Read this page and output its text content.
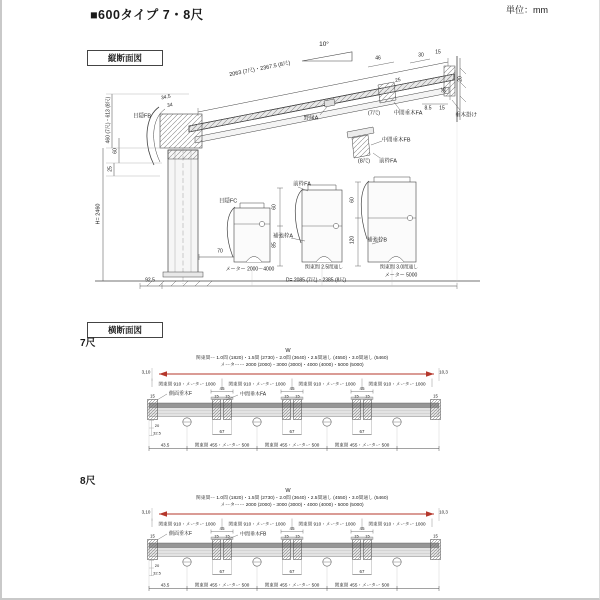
■600タイプ 7・8尺	単位：mm
縦断面図
横断面図
7尺
8尺
W
関東間ー 1.0間 (1820)・1.5間 (2730)・2.0間 (3640)・2.5間通し (4550)・3.0間通し (5460)
メーターー 2000 (2000)・3000 (3000)・4000 (4000)・5000 (5000)
3,10	10,3
関東間 910・メーター 1000	関東間 910・メーター 1000	関東間 910・メーター 1000	関東間 910・メーター 1000
15	15
15 15	15 15	15 15
45	45	45
側面垂木F	中間垂木FA
67	67	67
20
32.5
43.5	関東間 455・メーター 500	関東間 455・メーター 500	関東間 455・メーター 500
W
関東間ー 1.0間 (1820)・1.5間 (2730)・2.0間 (3640)・2.5間通し (4550)・3.0間通し (5460)
メーターー 2000 (2000)・3000 (3000)・4000 (4000)・5000 (5000)
3,10	10,3
関東間 910・メーター 1000	関東間 910・メーター 1000	関東間 910・メーター 1000	関東間 910・メーター 1000
15	15
15 15	15 15	15 15
45	45	45
側面垂木F	中間垂木FB
67	67	67
20
32.5
43.5	関東間 455・メーター 500	関東間 455・メーター 500	関東間 455・メーター 500
10°
2063 (7尺)・2367.5 (8尺)
34.5
34
目隠FB	野縁A
46	30
25
15
35
20
8.5 15
垂木掛け
(7尺) 中間垂木FA
中間垂木FB
(8尺) 前枠FA
460 (7尺)・613 (8尺)
60
25
H= 2460
70
92.5
目隠FC
前枠FA
補強枠A
補強枠B
60
85
60
120
メーター 2000～4000	関東間 2.5間通し	関東間 3.0間通し
メーター 5000
D= 2085 (7尺)・2385 (8尺)
